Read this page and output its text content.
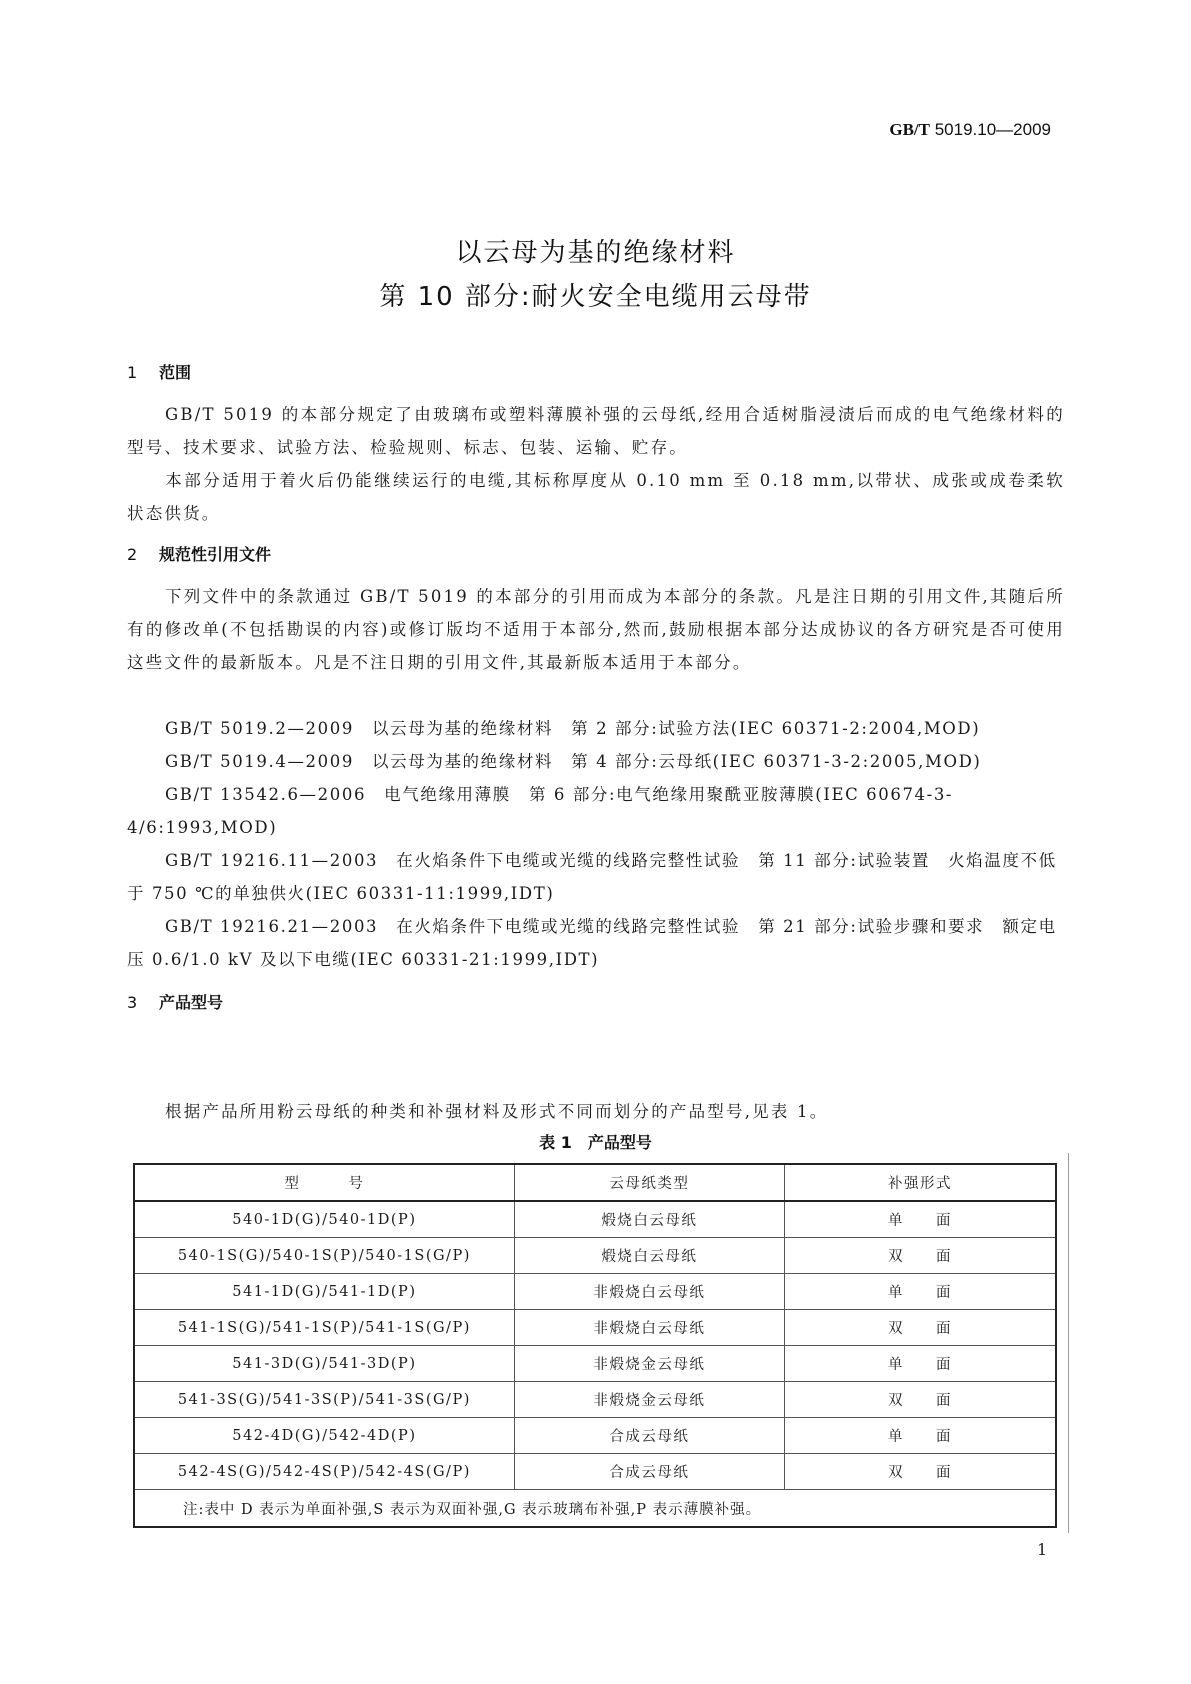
GB/T 5019.10—2009
以云母为基的绝缘材料
第 10 部分:耐火安全电缆用云母带
1 范围
GB/T 5019 的本部分规定了由玻璃布或塑料薄膜补强的云母纸,经用合适树脂浸渍后而成的电气绝缘材料的型号、技术要求、试验方法、检验规则、标志、包装、运输、贮存。
本部分适用于着火后仍能继续运行的电缆,其标称厚度从 0.10 mm 至 0.18 mm,以带状、成张或成卷柔软状态供货。
2 规范性引用文件
下列文件中的条款通过 GB/T 5019 的本部分的引用而成为本部分的条款。凡是注日期的引用文件,其随后所有的修改单(不包括勘误的内容)或修订版均不适用于本部分,然而,鼓励根据本部分达成协议的各方研究是否可使用这些文件的最新版本。凡是不注日期的引用文件,其最新版本适用于本部分。
GB/T 5019.2—2009　以云母为基的绝缘材料　第 2 部分:试验方法(IEC 60371-2:2004,MOD)
GB/T 5019.4—2009　以云母为基的绝缘材料　第 4 部分:云母纸(IEC 60371-3-2:2005,MOD)
GB/T 13542.6—2006　电气绝缘用薄膜　第 6 部分:电气绝缘用聚酰亚胺薄膜(IEC 60674-3-4/6:1993,MOD)
GB/T 19216.11—2003　在火焰条件下电缆或光缆的线路完整性试验　第 11 部分:试验装置　火焰温度不低于 750 ℃的单独供火(IEC 60331-11:1999,IDT)
GB/T 19216.21—2003　在火焰条件下电缆或光缆的线路完整性试验　第 21 部分:试验步骤和要求　额定电压 0.6/1.0 kV 及以下电缆(IEC 60331-21:1999,IDT)
3 产品型号
根据产品所用粉云母纸的种类和补强材料及形式不同而划分的产品型号,见表 1。
表 1　产品型号
型　　　号	云母纸类型	补强形式
540-1D(G)/540-1D(P)	煅烧白云母纸	单　　面
540-1S(G)/540-1S(P)/540-1S(G/P)	煅烧白云母纸	双　　面
541-1D(G)/541-1D(P)	非煅烧白云母纸	单　　面
541-1S(G)/541-1S(P)/541-1S(G/P)	非煅烧白云母纸	双　　面
541-3D(G)/541-3D(P)	非煅烧金云母纸	单　　面
541-3S(G)/541-3S(P)/541-3S(G/P)	非煅烧金云母纸	双　　面
542-4D(G)/542-4D(P)	合成云母纸	单　　面
542-4S(G)/542-4S(P)/542-4S(G/P)	合成云母纸	双　　面
注:表中 D 表示为单面补强,S 表示为双面补强,G 表示玻璃布补强,P 表示薄膜补强。		
1
